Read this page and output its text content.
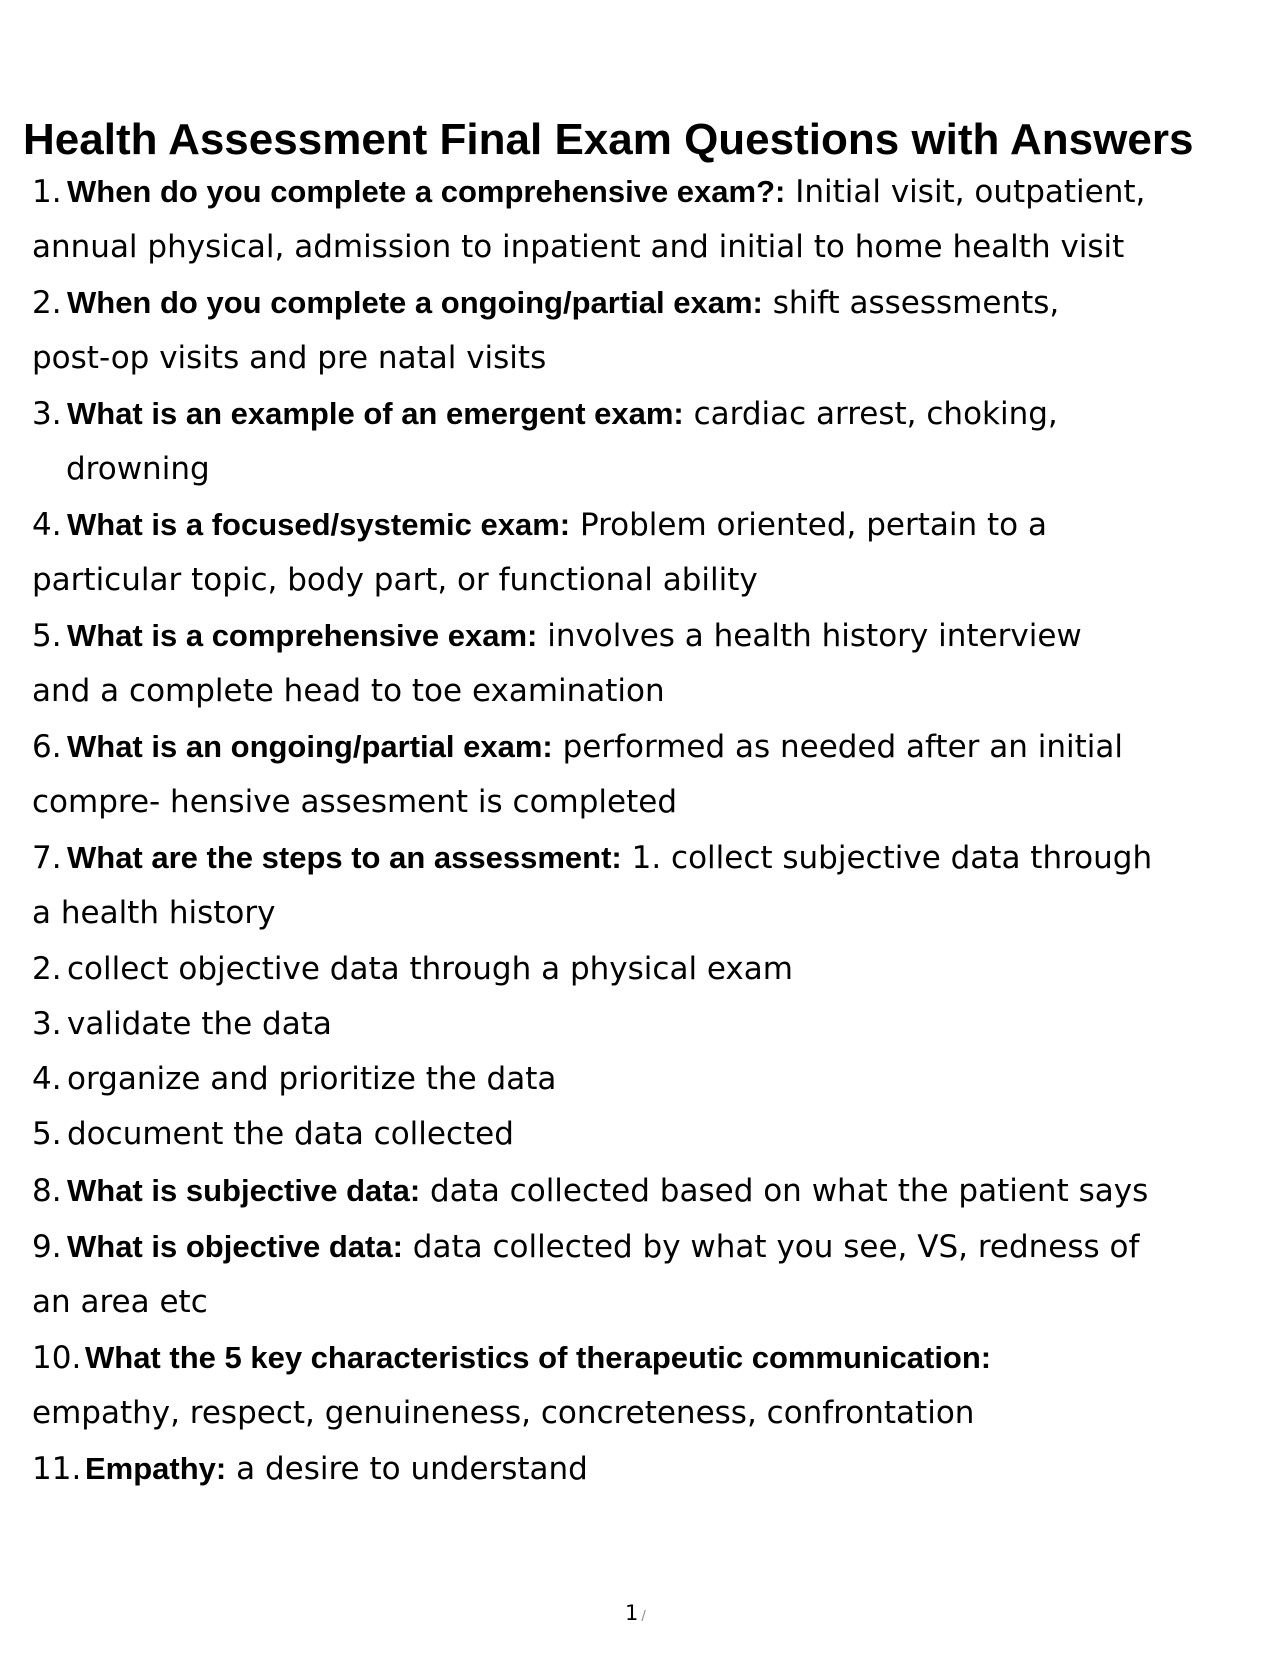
Health Assessment Final Exam Questions with Answers
1. When do you complete a comprehensive exam?: Initial visit, outpatient,
annual physical, admission to inpatient and initial to home health visit
2. When do you complete a ongoing/partial exam: shift assessments,
post-op visits and pre natal visits
3. What is an example of an emergent exam: cardiac arrest, choking,
drowning
4. What is a focused/systemic exam: Problem oriented, pertain to a
particular topic, body part, or functional ability
5. What is a comprehensive exam: involves a health history interview
and a complete head to toe examination
6. What is an ongoing/partial exam: performed as needed after an initial
compre- hensive assesment is completed
7. What are the steps to an assessment: 1. collect subjective data through
a health history
2. collect objective data through a physical exam
3. validate the data
4. organize and prioritize the data
5. document the data collected
8. What is subjective data: data collected based on what the patient says
9. What is objective data: data collected by what you see, VS, redness of
an area etc
10. What the 5 key characteristics of therapeutic communication:
empathy, respect, genuineness, concreteness, confrontation
11. Empathy: a desire to understand
1 /
